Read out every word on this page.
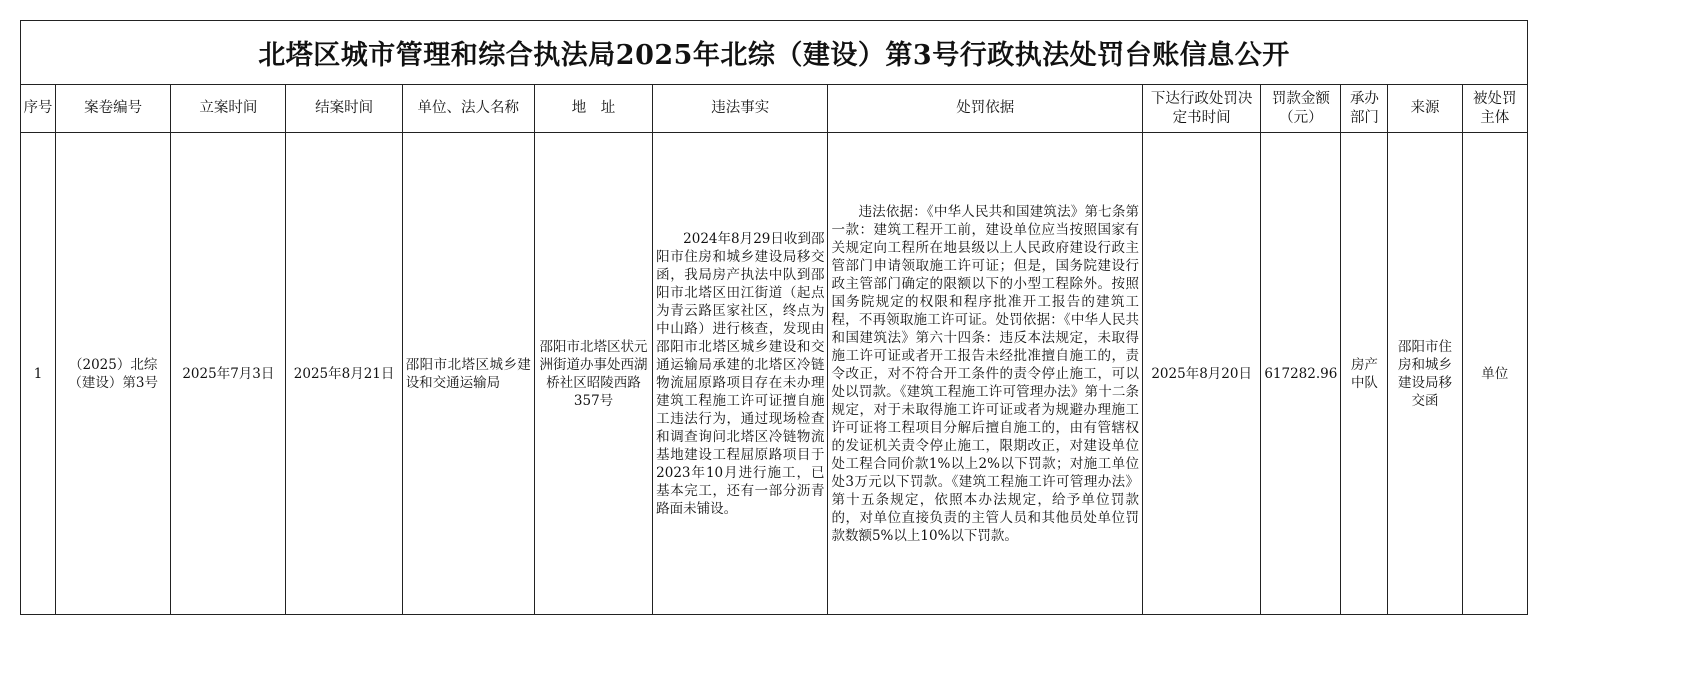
北塔区城市管理和综合执法局2025年北综（建设）第3号行政执法处罚台账信息公开												
序号	案卷编号	立案时间	结案时间	单位、法人名称	地　址	违法事实	处罚依据	下达行政处罚决定书时间	罚款金额（元）	承办部门	来源	被处罚主体
1	（2025）北综（建设）第3号	2025年7月3日	2025年8月21日	邵阳市北塔区城乡建设和交通运输局	邵阳市北塔区状元洲街道办事处西湖桥社区昭陵西路357号	2024年8月29日收到邵阳市住房和城乡建设局移交函，我局房产执法中队到邵阳市北塔区田江街道（起点为青云路匡家社区，终点为中山路）进行核查，发现由邵阳市北塔区城乡建设和交通运输局承建的北塔区冷链物流屈原路项目存在未办理建筑工程施工许可证擅自施工违法行为，通过现场检查和调查询问北塔区冷链物流基地建设工程屈原路项目于2023年10月进行施工，已基本完工，还有一部分沥青路面未铺设。	违法依据：《中华人民共和国建筑法》第七条第一款：建筑工程开工前，建设单位应当按照国家有关规定向工程所在地县级以上人民政府建设行政主管部门申请领取施工许可证；但是，国务院建设行政主管部门确定的限额以下的小型工程除外。按照国务院规定的权限和程序批准开工报告的建筑工程，不再领取施工许可证。处罚依据：《中华人民共和国建筑法》第六十四条：违反本法规定，未取得施工许可证或者开工报告未经批准擅自施工的，责令改正，对不符合开工条件的责令停止施工，可以处以罚款。《建筑工程施工许可管理办法》第十二条规定，对于未取得施工许可证或者为规避办理施工许可证将工程项目分解后擅自施工的，由有管辖权的发证机关责令停止施工，限期改正，对建设单位处工程合同价款1%以上2%以下罚款；对施工单位处3万元以下罚款。《建筑工程施工许可管理办法》第十五条规定，依照本办法规定，给予单位罚款的，对单位直接负责的主管人员和其他员处单位罚款数额5%以上10%以下罚款。	2025年8月20日	617282.96	房产中队	邵阳市住房和城乡建设局移交函	单位
